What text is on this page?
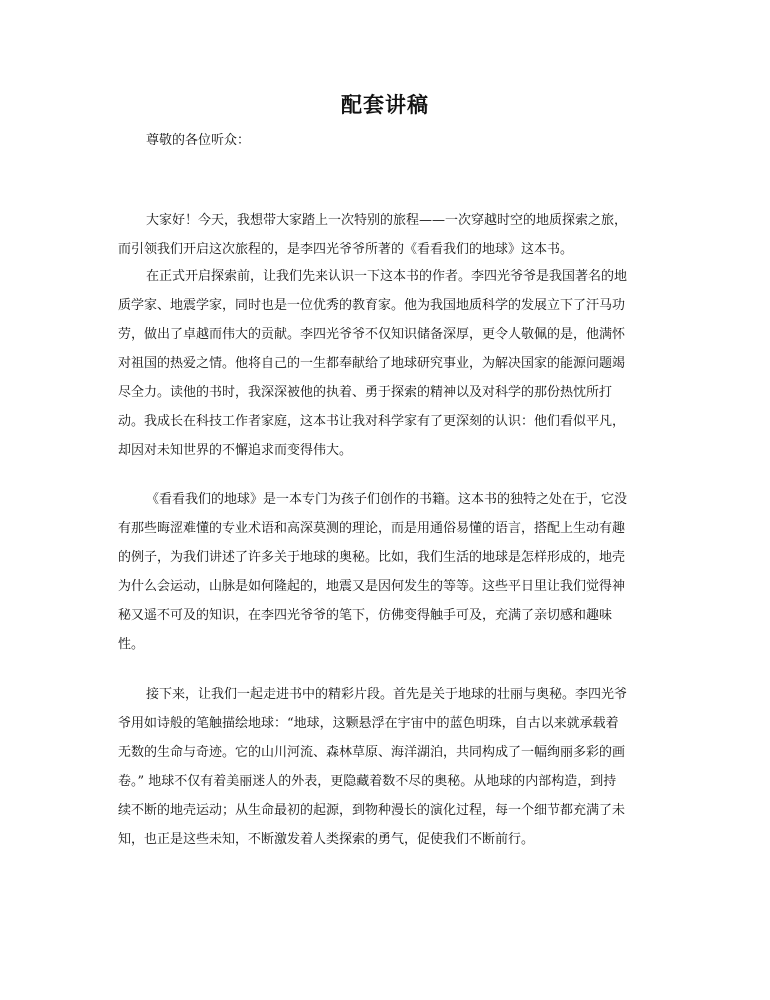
配套讲稿
尊敬的各位听众：
大家好！今天，我想带大家踏上一次特别的旅程——一次穿越时空的地质探索之旅，
而引领我们开启这次旅程的，是李四光爷爷所著的《看看我们的地球》这本书。
在正式开启探索前，让我们先来认识一下这本书的作者。李四光爷爷是我国著名的地
质学家、地震学家，同时也是一位优秀的教育家。他为我国地质科学的发展立下了汗马功
劳，做出了卓越而伟大的贡献。李四光爷爷不仅知识储备深厚，更令人敬佩的是，他满怀
对祖国的热爱之情。他将自己的一生都奉献给了地球研究事业，为解决国家的能源问题竭
尽全力。读他的书时，我深深被他的执着、勇于探索的精神以及对科学的那份热忱所打
动。我成长在科技工作者家庭，这本书让我对科学家有了更深刻的认识：他们看似平凡，
却因对未知世界的不懈追求而变得伟大。
《看看我们的地球》是一本专门为孩子们创作的书籍。这本书的独特之处在于，它没
有那些晦涩难懂的专业术语和高深莫测的理论，而是用通俗易懂的语言，搭配上生动有趣
的例子，为我们讲述了许多关于地球的奥秘。比如，我们生活的地球是怎样形成的，地壳
为什么会运动，山脉是如何隆起的，地震又是因何发生的等等。这些平日里让我们觉得神
秘又遥不可及的知识，在李四光爷爷的笔下，仿佛变得触手可及，充满了亲切感和趣味
性。
接下来，让我们一起走进书中的精彩片段。首先是关于地球的壮丽与奥秘。李四光爷
爷用如诗般的笔触描绘地球：“地球，这颗悬浮在宇宙中的蓝色明珠，自古以来就承载着
无数的生命与奇迹。它的山川河流、森林草原、海洋湖泊，共同构成了一幅绚丽多彩的画
卷。” 地球不仅有着美丽迷人的外表，更隐藏着数不尽的奥秘。从地球的内部构造，到持
续不断的地壳运动；从生命最初的起源，到物种漫长的演化过程，每一个细节都充满了未
知，也正是这些未知，不断激发着人类探索的勇气，促使我们不断前行。
